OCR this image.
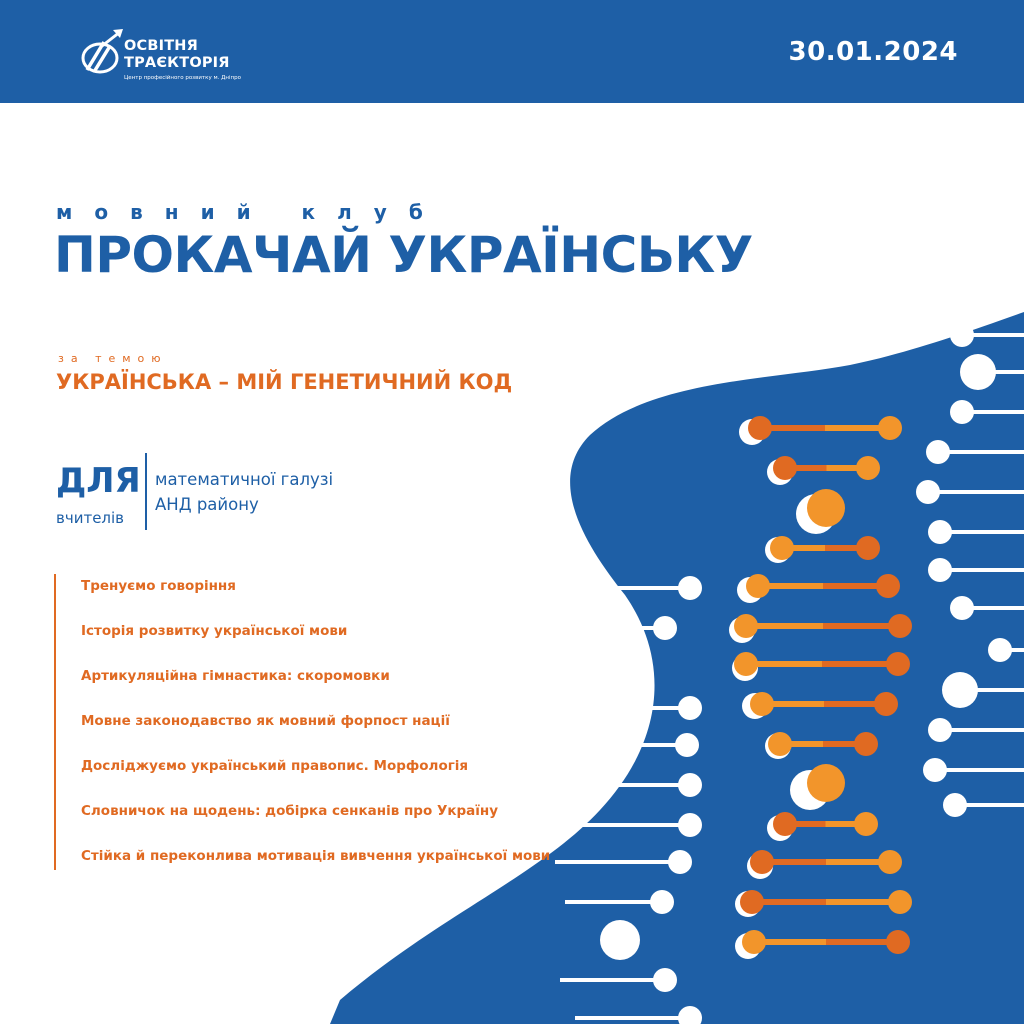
ОСВІТНЯ
ТРАЄКТОРІЯ
Центр професійного розвитку м. Дніпро
30.01.2024
мовний клуб
ПРОКАЧАЙ УКРАЇНСЬКУ
за темою
УКРАЇНСЬКА – МІЙ ГЕНЕТИЧНИЙ КОД
ДЛЯ
вчителів
математичної галузі
АНД району
Тренуємо говоріння
Історія розвитку української мови
Артикуляційна гімнастика: скоромовки
Мовне законодавство як мовний форпост нації
Досліджуємо український правопис. Морфологія
Словничок на щодень: добірка сенканів про Україну
Стійка й переконлива мотивація вивчення української мови
